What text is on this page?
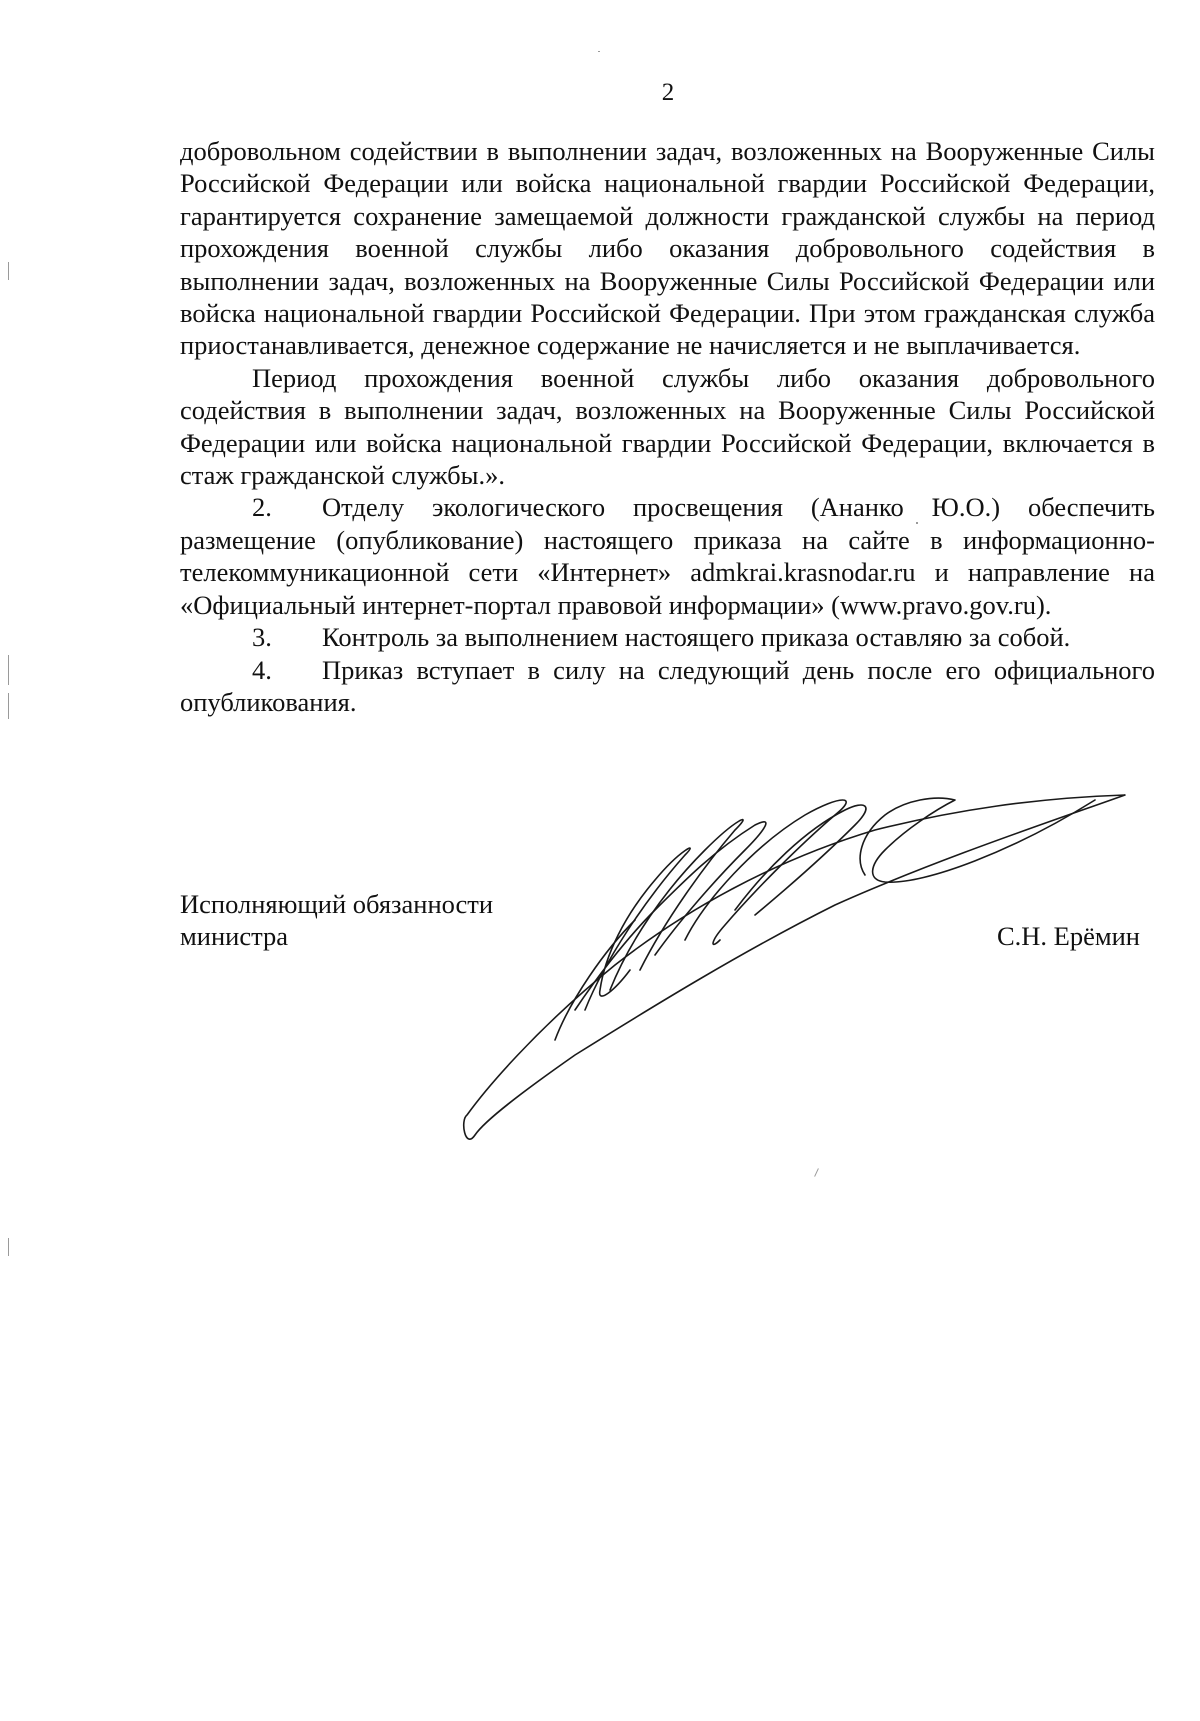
2

добровольном содействии в выполнении задач, возложенных на Вооруженные Силы Российской Федерации или войска национальной гвардии Российской Федерации, гарантируется сохранение замещаемой должности гражданской службы на период прохождения военной службы либо оказания добровольного содействия в выполнении задач, возложенных на Вооруженные Силы Российской Федерации или войска национальной гвардии Российской Федерации. При этом гражданская служба приостанавливается, денежное содержание не начисляется и не выплачивается.

Период прохождения военной службы либо оказания добровольного содействия в выполнении задач, возложенных на Вооруженные Силы Российской Федерации или войска национальной гвардии Российской Федерации, включается в стаж гражданской службы.».

2. Отделу экологического просвещения (Ананко Ю.О.) обеспечить размещение (опубликование) настоящего приказа на сайте в информационно-телекоммуникационной сети «Интернет» admkrai.krasnodar.ru и направление на «Официальный интернет-портал правовой информации» (www.pravo.gov.ru).

3. Контроль за выполнением настоящего приказа оставляю за собой.

4. Приказ вступает в силу на следующий день после его официального опубликования.

Исполняющий обязанности
министра	С.Н. Ерёмин
